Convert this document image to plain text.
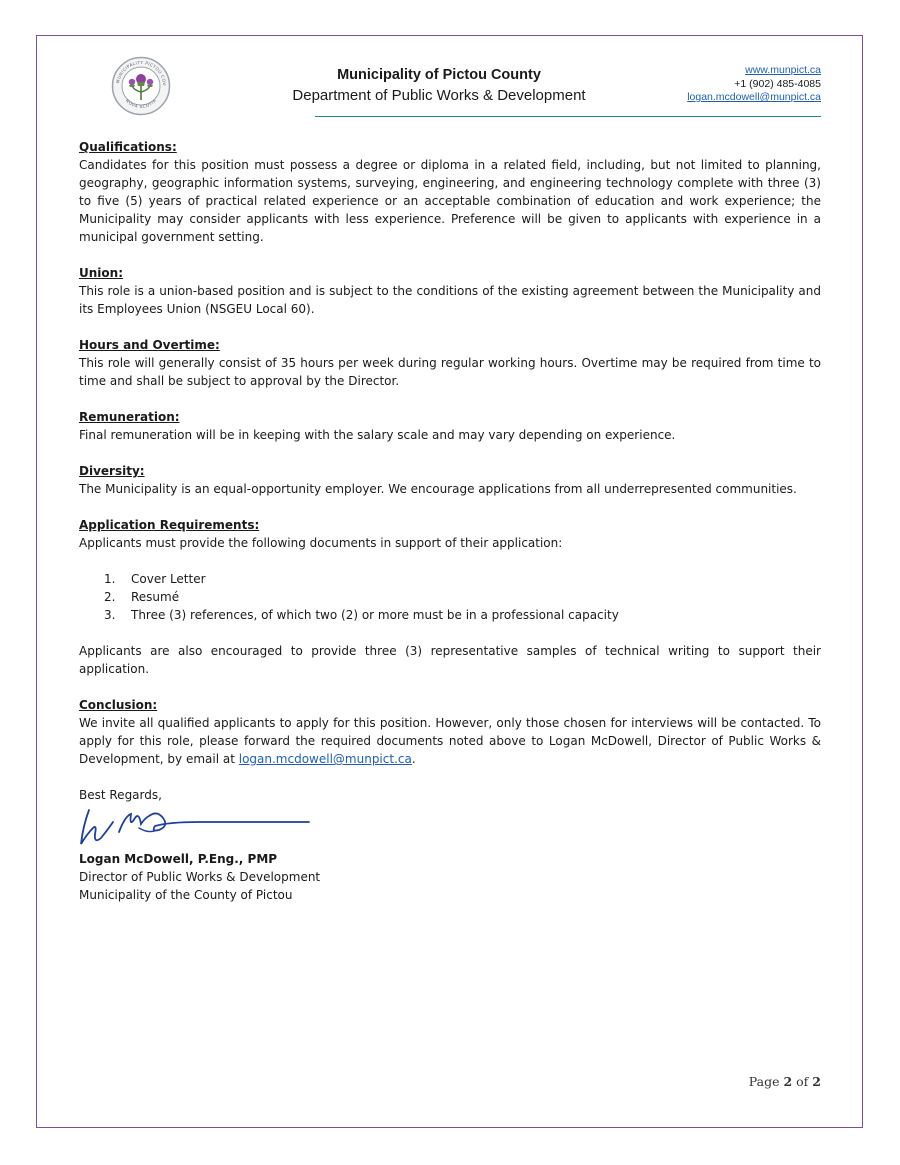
MUNICIPALITY PICTOU COU
NOVA SCOTIA
Municipality of Pictou County
Department of Public Works & Development
www.munpict.ca
+1 (902) 485-4085
logan.mcdowell@munpict.ca

Qualifications:

Candidates for this position must possess a degree or diploma in a related field, including, but not limited to planning, geography, geographic information systems, surveying, engineering, and engineering technology complete with three (3) to five (5) years of practical related experience or an acceptable combination of education and work experience; the Municipality may consider applicants with less experience. Preference will be given to applicants with experience in a municipal government setting.

Union:

This role is a union-based position and is subject to the conditions of the existing agreement between the Municipality and its Employees Union (NSGEU Local 60).

Hours and Overtime:

This role will generally consist of 35 hours per week during regular working hours. Overtime may be required from time to time and shall be subject to approval by the Director.

Remuneration:

Final remuneration will be in keeping with the salary scale and may vary depending on experience.

Diversity:

The Municipality is an equal-opportunity employer. We encourage applications from all underrepresented communities.

Application Requirements:

Applicants must provide the following documents in support of their application:

1.	Cover Letter
2.	Resumé
3.	Three (3) references, of which two (2) or more must be in a professional capacity

Applicants are also encouraged to provide three (3) representative samples of technical writing to support their application.

Conclusion:

We invite all qualified applicants to apply for this position. However, only those chosen for interviews will be contacted. To apply for this role, please forward the required documents noted above to Logan McDowell, Director of Public Works & Development, by email at logan.mcdowell@munpict.ca.

Best Regards,

Logan McDowell, P.Eng., PMP

Director of Public Works & Development

Municipality of the County of Pictou

Page 2 of 2
